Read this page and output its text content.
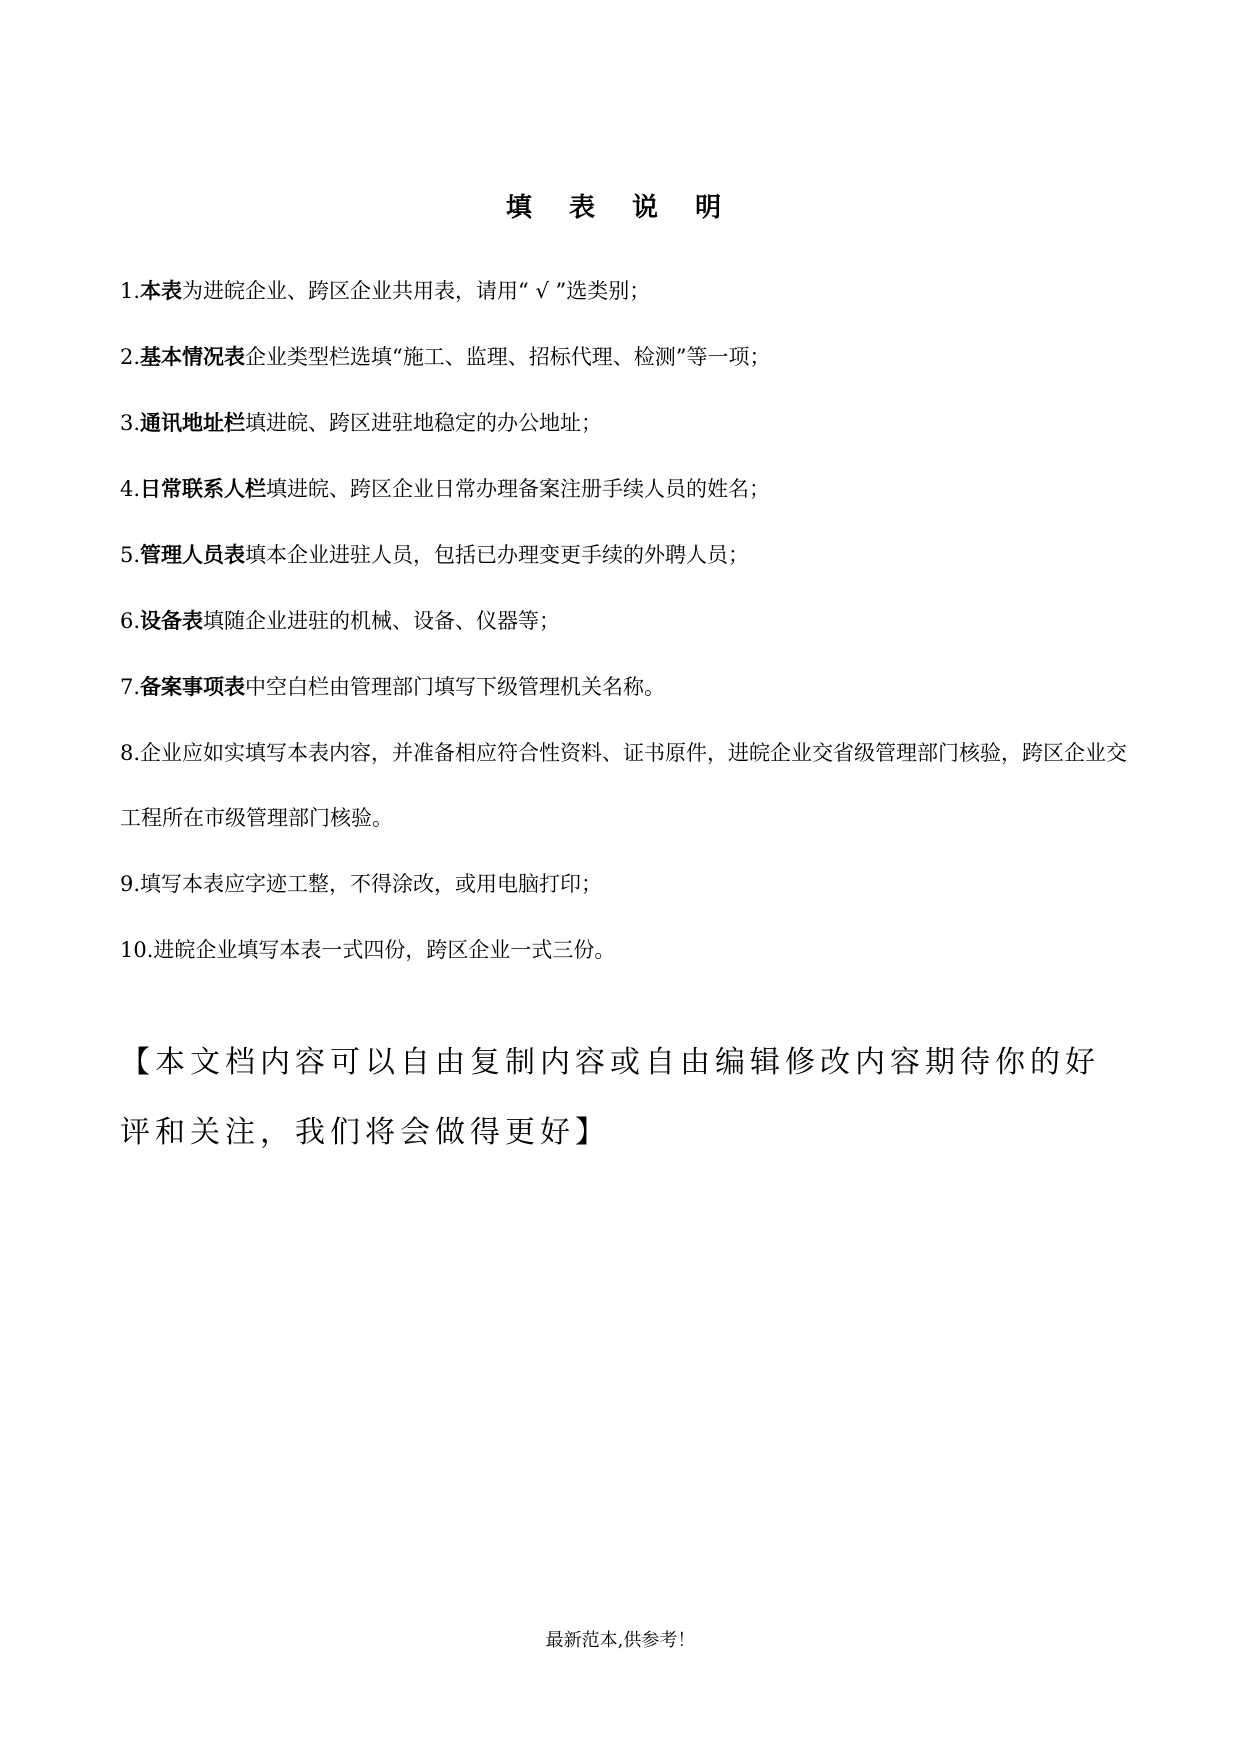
填 表 说 明
1.本表为进皖企业、跨区企业共用表，请用“ √ ”选类别；
2.基本情况表企业类型栏选填“施工、监理、招标代理、检测”等一项；
3.通讯地址栏填进皖、跨区进驻地稳定的办公地址；
4.日常联系人栏填进皖、跨区企业日常办理备案注册手续人员的姓名；
5.管理人员表填本企业进驻人员，包括已办理变更手续的外聘人员；
6.设备表填随企业进驻的机械、设备、仪器等；
7.备案事项表中空白栏由管理部门填写下级管理机关名称。
8.企业应如实填写本表内容，并准备相应符合性资料、证书原件，进皖企业交省级管理部门核验，跨区企业交工程所在市级管理部门核验。
9.填写本表应字迹工整，不得涂改，或用电脑打印；
10.进皖企业填写本表一式四份，跨区企业一式三份。

【本文档内容可以自由复制内容或自由编辑修改内容期待你的好评和关注，我们将会做得更好】

最新范本,供参考！
